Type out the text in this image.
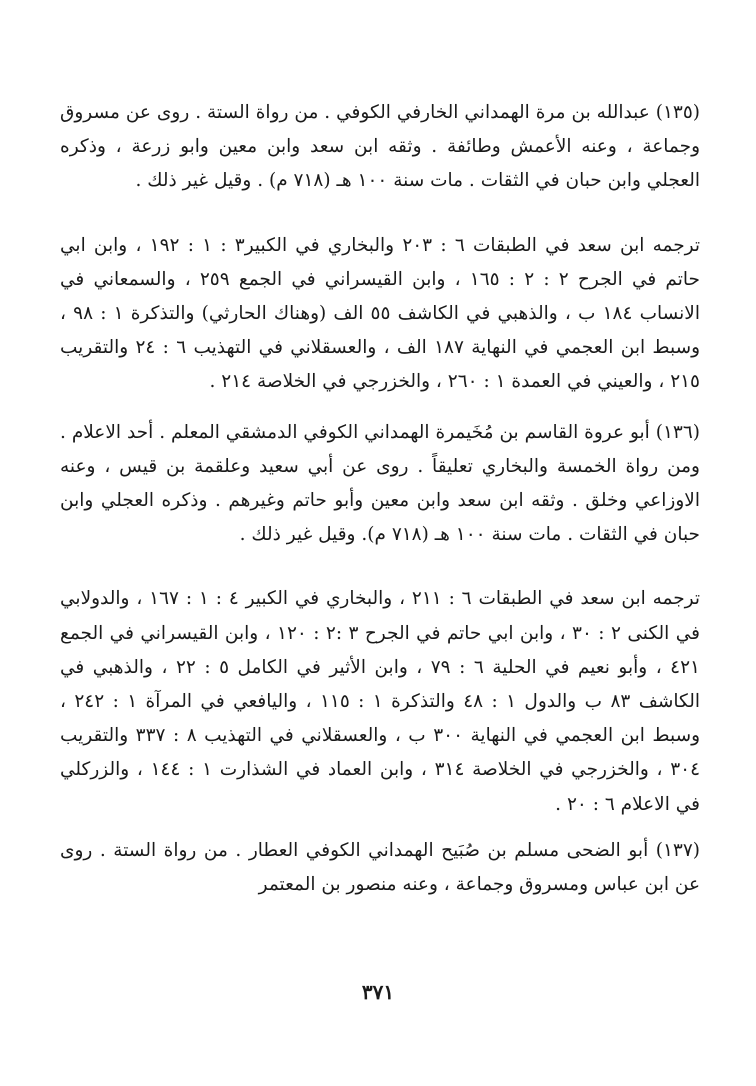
(١٣٥) عبدالله بن مرة الهمداني الخارفي الكوفي . من رواة الستة . روى عن مسروق وجماعة ، وعنه الأعمش وطائفة . وثقه ابن سعد وابن معين وابو زرعة ، وذكره العجلي وابن حبان في الثقات . مات سنة ١٠٠ هـ (٧١٨ م) . وقيل غير ذلك .

ترجمه ابن سعد في الطبقات ٦ : ٢٠٣ والبخاري في الكبير٣ : ١ : ١٩٢ ، وابن ابي حاتم في الجرح ٢ : ٢ : ١٦٥ ، وابن القيسراني في الجمع ٢٥٩ ، والسمعاني في الانساب ١٨٤ ب ، والذهبي في الكاشف ٥٥ الف (وهناك الحارثي) والتذكرة ١ : ٩٨ ، وسبط ابن العجمي في النهاية ١٨٧ الف ، والعسقلاني في التهذيب ٦ : ٢٤ والتقريب ٢١٥ ، والعيني في العمدة ١ : ٢٦٠ ، والخزرجي في الخلاصة ٢١٤ .

(١٣٦) أبو عروة القاسم بن مُخَيمرة الهمداني الكوفي الدمشقي المعلم . أحد الاعلام . ومن رواة الخمسة والبخاري تعليقاً . روى عن أبي سعيد وعلقمة بن قيس ، وعنه الاوزاعي وخلق . وثقه ابن سعد وابن معين وأبو حاتم وغيرهم . وذكره العجلي وابن حبان في الثقات . مات سنة ١٠٠ هـ (٧١٨ م). وقيل غير ذلك .

ترجمه ابن سعد في الطبقات ٦ : ٢١١ ، والبخاري في الكبير ٤ : ١ : ١٦٧ ، والدولابي في الكنى ٢ : ٣٠ ، وابن ابي حاتم في الجرح ٣ :٢ : ١٢٠ ، وابن القيسراني في الجمع ٤٢١ ، وأبو نعيم في الحلية ٦ : ٧٩ ، وابن الأثير في الكامل ٥ : ٢٢ ، والذهبي في الكاشف ٨٣ ب والدول ١ : ٤٨ والتذكرة ١ : ١١٥ ، واليافعي في المرآة ١ : ٢٤٢ ، وسبط ابن العجمي في النهاية ٣٠٠ ب ، والعسقلاني في التهذيب ٨ : ٣٣٧ والتقريب ٣٠٤ ، والخزرجي في الخلاصة ٣١٤ ، وابن العماد في الشذارت ١ : ١٤٤ ، والزركلي في الاعلام ٦ : ٢٠ .

(١٣٧) أبو الضحى مسلم بن صُبَيح الهمداني الكوفي العطار . من رواة الستة . روى عن ابن عباس ومسروق وجماعة ، وعنه منصور بن المعتمر

٣٧١
